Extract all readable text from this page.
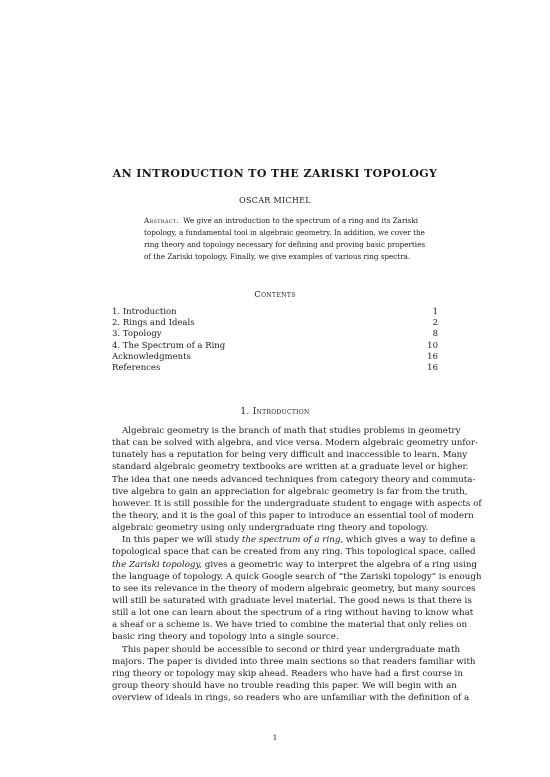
AN INTRODUCTION TO THE ZARISKI TOPOLOGY
OSCAR MICHEL
Abstract. We give an introduction to the spectrum of a ring and its Zariski
topology, a fundamental tool in algebraic geometry. In addition, we cover the
ring theory and topology necessary for defining and proving basic properties
of the Zariski topology. Finally, we give examples of various ring spectra.
Contents
1. Introduction	1
2. Rings and Ideals	2
3. Topology	8
4. The Spectrum of a Ring	10
Acknowledgments	16
References	16
1. Introduction
Algebraic geometry is the branch of math that studies problems in geometry
that can be solved with algebra, and vice versa. Modern algebraic geometry unfor-
tunately has a reputation for being very difficult and inaccessible to learn. Many
standard algebraic geometry textbooks are written at a graduate level or higher.
The idea that one needs advanced techniques from category theory and commuta-
tive algebra to gain an appreciation for algebraic geometry is far from the truth,
however. It is still possible for the undergraduate student to engage with aspects of
the theory, and it is the goal of this paper to introduce an essential tool of modern
algebraic geometry using only undergraduate ring theory and topology.
In this paper we will study the spectrum of a ring, which gives a way to define a
topological space that can be created from any ring. This topological space, called
the Zariski topology, gives a geometric way to interpret the algebra of a ring using
the language of topology. A quick Google search of “the Zariski topology” is enough
to see its relevance in the theory of modern algebraic geometry, but many sources
will still be saturated with graduate level material. The good news is that there is
still a lot one can learn about the spectrum of a ring without having to know what
a sheaf or a scheme is. We have tried to combine the material that only relies on
basic ring theory and topology into a single source.
This paper should be accessible to second or third year undergraduate math
majors. The paper is divided into three main sections so that readers familiar with
ring theory or topology may skip ahead. Readers who have had a first course in
group theory should have no trouble reading this paper. We will begin with an
overview of ideals in rings, so readers who are unfamiliar with the definition of a
1
